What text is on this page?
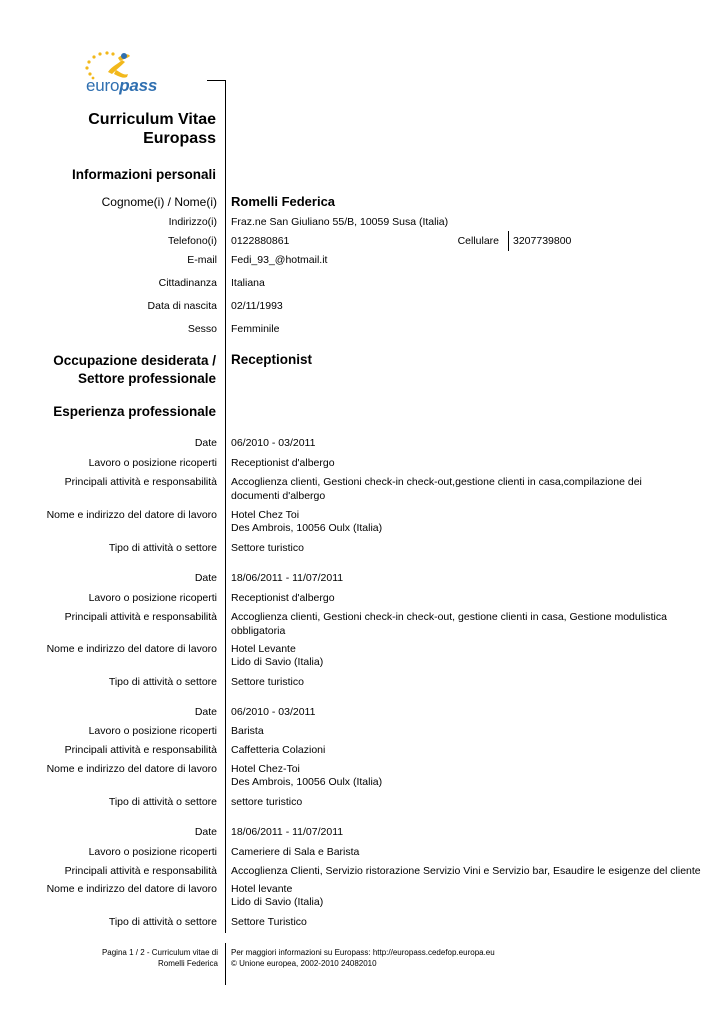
europass
Curriculum Vitae
Europass
Informazioni personali
Cognome(i) / Nome(i) Romelli Federica
Indirizzo(i) Fraz.ne San Giuliano 55/B, 10059 Susa (Italia)
Telefono(i) 0122880861	Cellulare 3207739800
E-mail Fedi_93_@hotmail.it
Cittadinanza Italiana
Data di nascita 02/11/1993
Sesso Femminile
Occupazione desiderata /
Settore professionale
Receptionist
Esperienza professionale
Date 06/2010 - 03/2011
Lavoro o posizione ricoperti Receptionist d'albergo
Principali attività e responsabilità Accoglienza clienti, Gestioni check-in check-out,gestione clienti in casa,compilazione dei documenti d'albergo
Nome e indirizzo del datore di lavoro Hotel Chez Toi
Des Ambrois, 10056 Oulx (Italia)
Tipo di attività o settore Settore turistico
Date 18/06/2011 - 11/07/2011
Lavoro o posizione ricoperti Receptionist d'albergo
Principali attività e responsabilità Accoglienza clienti, Gestioni check-in check-out, gestione clienti in casa, Gestione modulistica obbligatoria
Nome e indirizzo del datore di lavoro Hotel Levante
Lido di Savio (Italia)
Tipo di attività o settore Settore turistico
Date 06/2010 - 03/2011
Lavoro o posizione ricoperti Barista
Principali attività e responsabilità Caffetteria Colazioni
Nome e indirizzo del datore di lavoro Hotel Chez-Toi
Des Ambrois, 10056 Oulx (Italia)
Tipo di attività o settore settore turistico
Date 18/06/2011 - 11/07/2011
Lavoro o posizione ricoperti Cameriere di Sala e Barista
Principali attività e responsabilità Accoglienza Clienti, Servizio ristorazione Servizio Vini e Servizio bar, Esaudire le esigenze del cliente
Nome e indirizzo del datore di lavoro Hotel levante
Lido di Savio (Italia)
Tipo di attività o settore Settore Turistico
Pagina 1 / 2 - Curriculum vitae di
Romelli Federica
Per maggiori informazioni su Europass: http://europass.cedefop.europa.eu
© Unione europea, 2002-2010 24082010
